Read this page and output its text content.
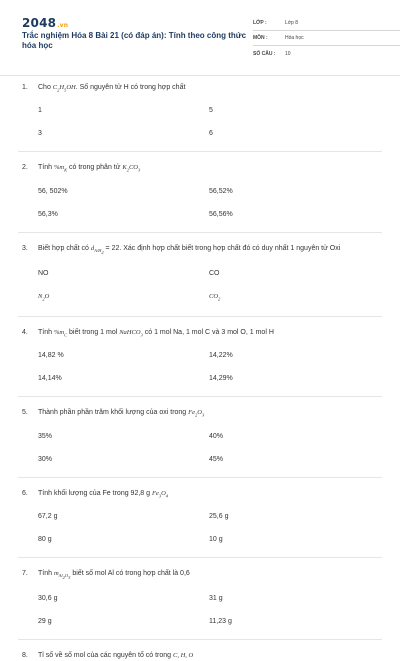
2048.vn
Trắc nghiệm Hóa 8 Bài 21 (có đáp án): Tính theo công thức hóa học
LỚP :	Lớp 8
MÔN :	Hóa học
SỐ CÂU :	10
1.	Cho $C_2H_5OH$. Số nguyên tử H có trong hợp chất
1	5
3	6
2.	Tính $\%m_K$ có trong phân tử $K_2CO_3$
56, 502%	56,52%
56,3%	56,56%
3.	Biết hợp chất có $d_{A/H_2} = 22$. Xác định hợp chất biết trong hợp chất đó có duy nhất 1 nguyên tử Oxi
NO	CO
$N_2O$	$CO_2$
4.	Tính $\%m_C$ biết trong 1 mol NaHCO$_3$ có 1 mol Na, 1 mol C và 3 mol O, 1 mol H
14,82 %	14,22%
14,14%	14,29%
5.	Thành phần phần trăm khối lượng của oxi trong $Fe_2O_3$
35%	40%
30%	45%
6.	Tính khối lượng của Fe trong 92,8 g $Fe_3O_4$
67,2 g	25,6 g
80 g	10 g
7.	Tính $m_{Al_2O_3}$ biết số mol Al có trong hợp chất là 0,6
30,6 g	31 g
29 g	11,23 g
8.	Tỉ số về số mol của các nguyên tố có trong C, H, O
